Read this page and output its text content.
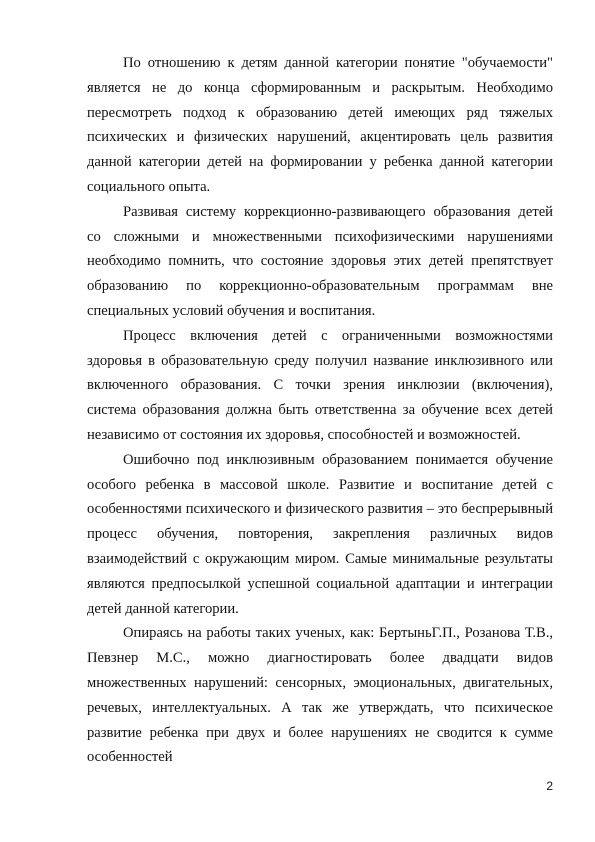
По отношению к детям данной категории понятие "обучаемости" является не до конца сформированным и раскрытым. Необходимо пересмотреть подход к образованию детей имеющих ряд тяжелых психических и физических нарушений, акцентировать цель развития данной категории детей на формировании у ребенка данной категории социального опыта.

Развивая систему коррекционно-развивающего образования детей со сложными и множественными психофизическими нарушениями необходимо помнить, что состояние здоровья этих детей препятствует образованию по коррекционно-образовательным программам вне специальных условий обучения и воспитания.

Процесс включения детей с ограниченными возможностями здоровья в образовательную среду получил название инклюзивного или включенного образования. С точки зрения инклюзии (включения), система образования должна быть ответственна за обучение всех детей независимо от состояния их здоровья, способностей и возможностей.

Ошибочно под инклюзивным образованием понимается обучение особого ребенка в массовой школе. Развитие и воспитание детей с особенностями психического и физического развития – это беспрерывный процесс обучения, повторения, закрепления различных видов взаимодействий с окружающим миром. Самые минимальные результаты являются предпосылкой успешной социальной адаптации и интеграции детей данной категории.

Опираясь на работы таких ученых, как: БертыньГ.П., Розанова Т.В., Певзнер М.С., можно диагностировать более двадцати видов множественных нарушений: сенсорных, эмоциональных, двигательных, речевых, интеллектуальных. А так же утверждать, что психическое развитие ребенка при двух и более нарушениях не сводится к сумме особенностей

2
